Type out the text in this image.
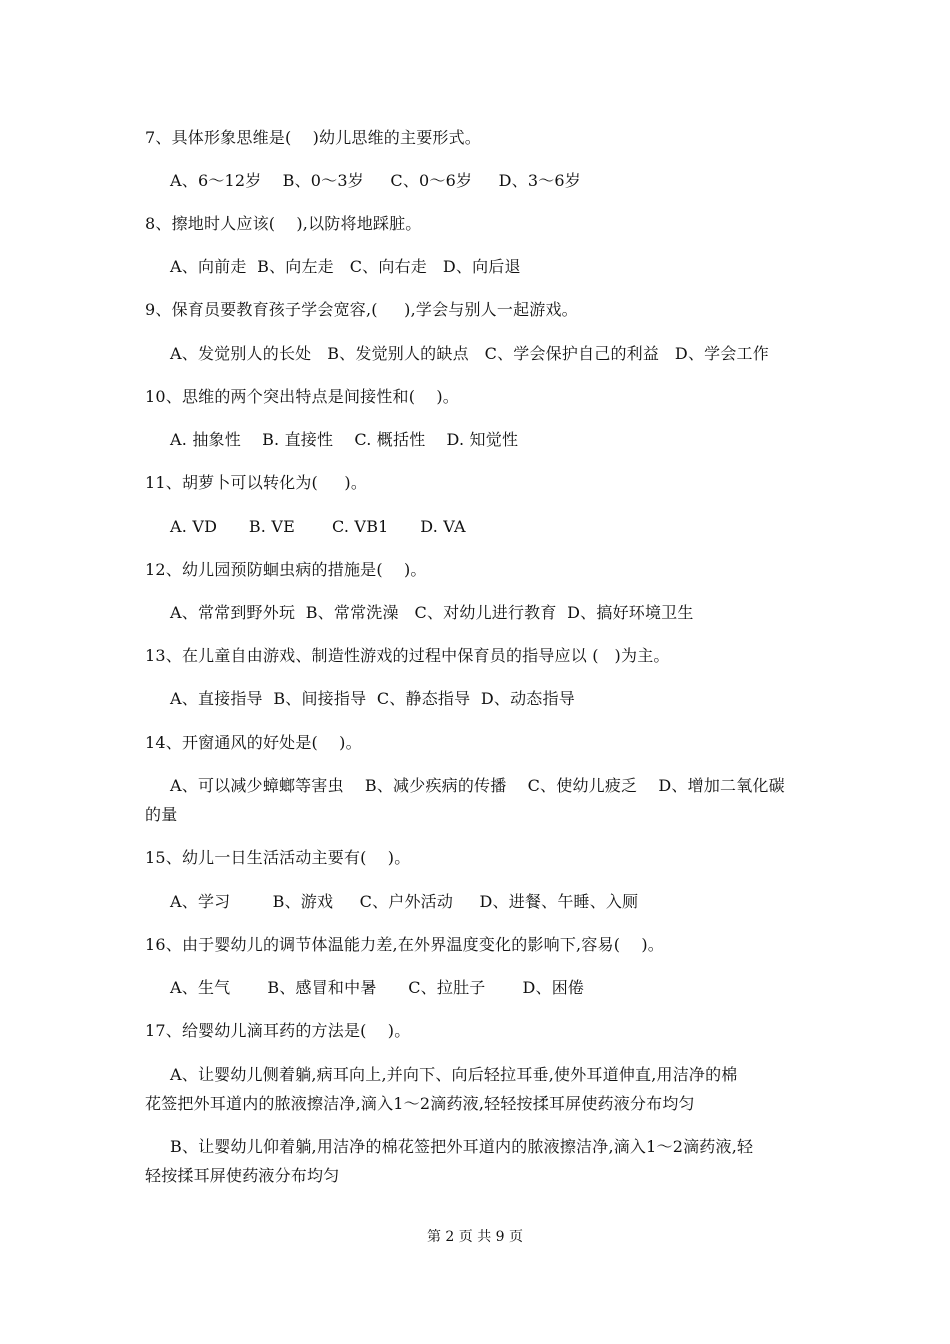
7、具体形象思维是(    )幼儿思维的主要形式。
A、6～12岁    B、0～3岁     C、0～6岁     D、3～6岁
8、擦地时人应该(    ),以防将地踩脏。
A、向前走  B、向左走   C、向右走   D、向后退
9、保育员要教育孩子学会宽容,(     ),学会与别人一起游戏。
A、发觉别人的长处   B、发觉别人的缺点   C、学会保护自己的利益   D、学会工作
10、思维的两个突出特点是间接性和(    )。
A. 抽象性    B. 直接性    C. 概括性    D. 知觉性
11、胡萝卜可以转化为(     )。
A. VD      B. VE       C. VB1      D. VA
12、幼儿园预防蛔虫病的措施是(    )。
A、常常到野外玩  B、常常洗澡   C、对幼儿进行教育  D、搞好环境卫生
13、在儿童自由游戏、制造性游戏的过程中保育员的指导应以 (   )为主。
A、直接指导  B、间接指导  C、静态指导  D、动态指导
14、开窗通风的好处是(    )。
A、可以减少蟑螂等害虫    B、减少疾病的传播    C、使幼儿疲乏    D、增加二氧化碳
的量
15、幼儿一日生活活动主要有(    )。
A、学习        B、游戏     C、户外活动     D、进餐、午睡、入厕
16、由于婴幼儿的调节体温能力差,在外界温度变化的影响下,容易(    )。
A、生气       B、感冒和中暑      C、拉肚子       D、困倦
17、给婴幼儿滴耳药的方法是(    )。
A、让婴幼儿侧着躺,病耳向上,并向下、向后轻拉耳垂,使外耳道伸直,用洁净的棉
花签把外耳道内的脓液擦洁净,滴入1～2滴药液,轻轻按揉耳屏使药液分布均匀
B、让婴幼儿仰着躺,用洁净的棉花签把外耳道内的脓液擦洁净,滴入1～2滴药液,轻
轻按揉耳屏使药液分布均匀
第 2 页 共 9 页
